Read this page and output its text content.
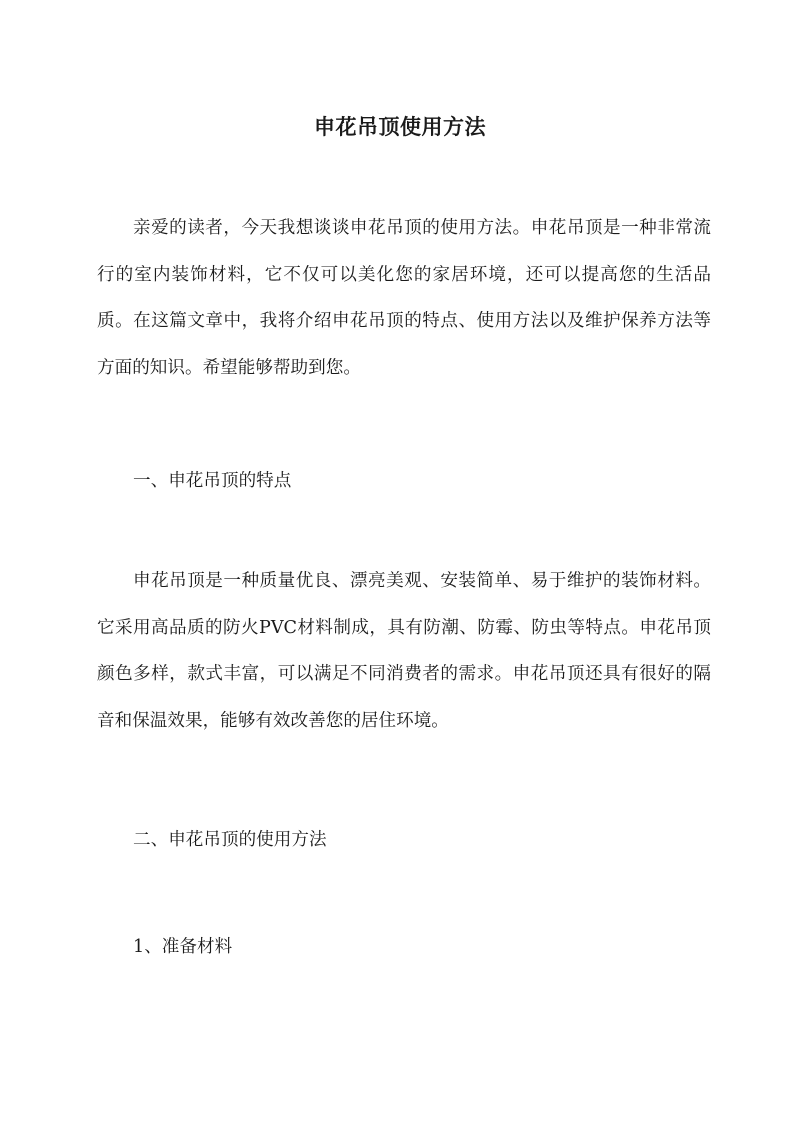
申花吊顶使用方法

亲爱的读者，今天我想谈谈申花吊顶的使用方法。申花吊顶是一种非常流行的室内装饰材料，它不仅可以美化您的家居环境，还可以提高您的生活品质。在这篇文章中，我将介绍申花吊顶的特点、使用方法以及维护保养方法等方面的知识。希望能够帮助到您。

一、申花吊顶的特点

申花吊顶是一种质量优良、漂亮美观、安装简单、易于维护的装饰材料。它采用高品质的防火PVC材料制成，具有防潮、防霉、防虫等特点。申花吊顶颜色多样，款式丰富，可以满足不同消费者的需求。申花吊顶还具有很好的隔音和保温效果，能够有效改善您的居住环境。

二、申花吊顶的使用方法

1、准备材料
